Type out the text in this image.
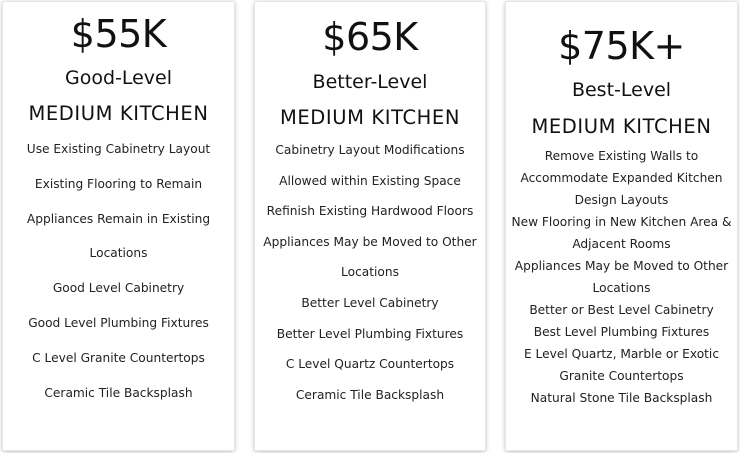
$55K
Good-Level
MEDIUM KITCHEN
Use Existing Cabinetry Layout
Existing Flooring to Remain
Appliances Remain in Existing
Locations
Good Level Cabinetry
Good Level Plumbing Fixtures
C Level Granite Countertops
Ceramic Tile Backsplash
$65K
Better-Level
MEDIUM KITCHEN
Cabinetry Layout Modifications
Allowed within Existing Space
Refinish Existing Hardwood Floors
Appliances May be Moved to Other
Locations
Better Level Cabinetry
Better Level Plumbing Fixtures
C Level Quartz Countertops
Ceramic Tile Backsplash
$75K+
Best-Level
MEDIUM KITCHEN
Remove Existing Walls to
Accommodate Expanded Kitchen
Design Layouts
New Flooring in New Kitchen Area &
Adjacent Rooms
Appliances May be Moved to Other
Locations
Better or Best Level Cabinetry
Best Level Plumbing Fixtures
E Level Quartz, Marble or Exotic
Granite Countertops
Natural Stone Tile Backsplash
